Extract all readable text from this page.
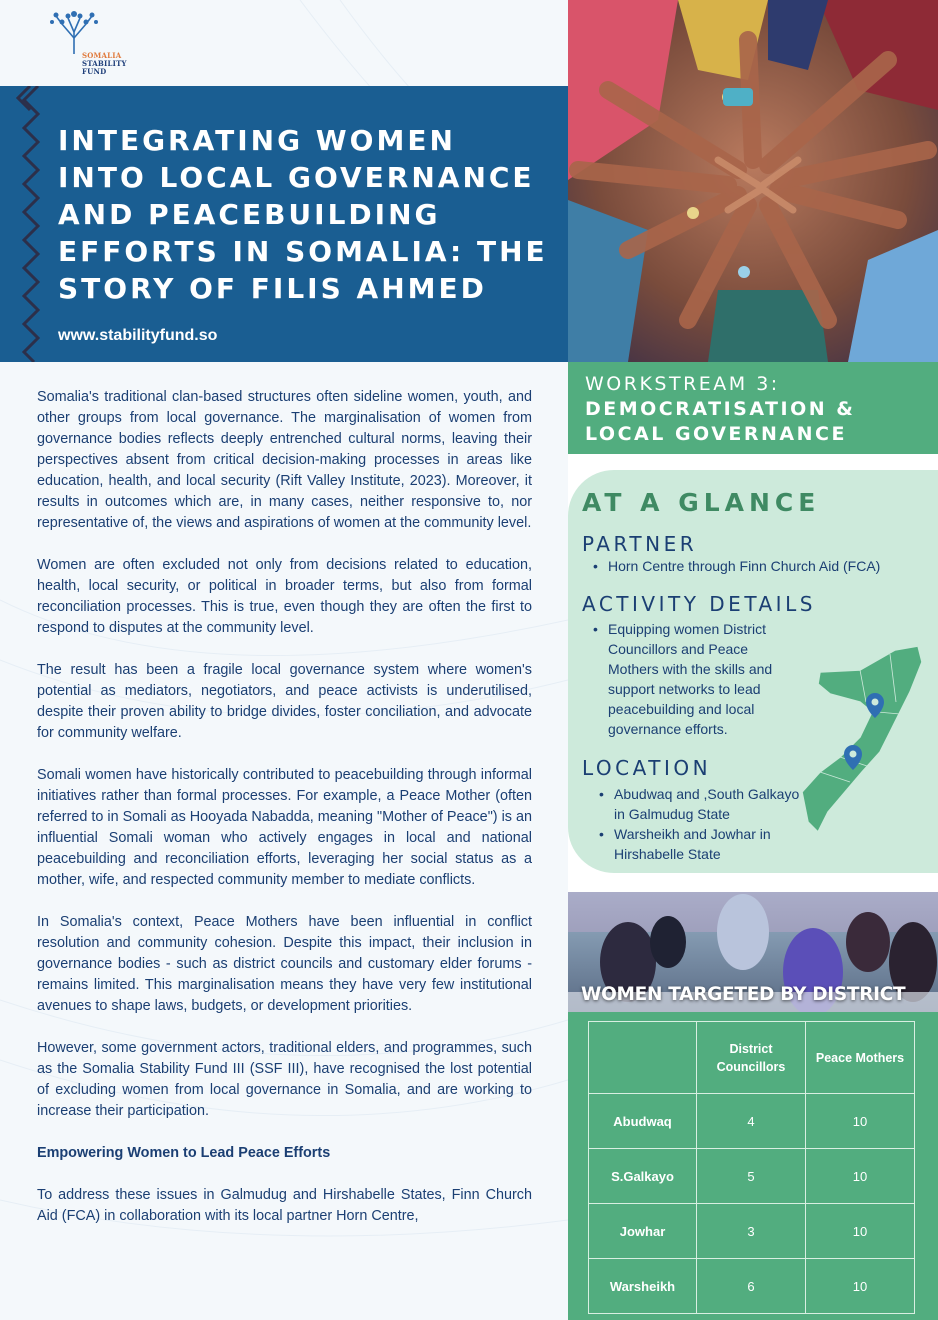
SOMALIA
STABILITY
FUND
INTEGRATING WOMEN INTO LOCAL GOVERNANCE AND PEACEBUILDING EFFORTS IN SOMALIA: THE STORY OF FILIS AHMED
www.stabilityfund.so

Somalia's traditional clan-based structures often sideline women, youth, and other groups from local governance. The marginalisation of women from governance bodies reflects deeply entrenched cultural norms, leaving their perspectives absent from critical decision-making processes in areas like education, health, and local security (Rift Valley Institute, 2023). Moreover, it results in outcomes which are, in many cases, neither responsive to, nor representative of, the views and aspirations of women at the community level.

Women are often excluded not only from decisions related to education, health, local security, or political in broader terms, but also from formal reconciliation processes. This is true, even though they are often the first to respond to disputes at the community level.

The result has been a fragile local governance system where women's potential as mediators, negotiators, and peace activists is underutilised, despite their proven ability to bridge divides, foster conciliation, and advocate for community welfare.

Somali women have historically contributed to peacebuilding through informal initiatives rather than formal processes. For example, a Peace Mother (often referred to in Somali as Hooyada Nabadda, meaning "Mother of Peace") is an influential Somali woman who actively engages in local and national peacebuilding and reconciliation efforts, leveraging her social status as a mother, wife, and respected community member to mediate conflicts.

In Somalia's context, Peace Mothers have been influential in conflict resolution and community cohesion. Despite this impact, their inclusion in governance bodies - such as district councils and customary elder forums - remains limited. This marginalisation means they have very few institutional avenues to shape laws, budgets, or development priorities.

However, some government actors, traditional elders, and programmes, such as the Somalia Stability Fund III (SSF III), have recognised the lost potential of excluding women from local governance in Somalia, and are working to increase their participation.

Empowering Women to Lead Peace Efforts

To address these issues in Galmudug and Hirshabelle States, Finn Church Aid (FCA) in collaboration with its local partner Horn Centre,

WORKSTREAM 3:
DEMOCRATISATION &
LOCAL GOVERNANCE
AT A GLANCE
PARTNER
• Horn Centre through Finn Church Aid (FCA)
ACTIVITY DETAILS
• Equipping women District Councillors and Peace Mothers with the skills and support networks to lead peacebuilding and local governance efforts.
LOCATION
• Abudwaq and ,South Galkayo in Galmudug State
• Warsheikh and Jowhar in Hirshabelle State
WOMEN TARGETED BY DISTRICT
	District Councillors	Peace Mothers
Abudwaq	4	10
S.Galkayo	5	10
Jowhar	3	10
Warsheikh	6	10
